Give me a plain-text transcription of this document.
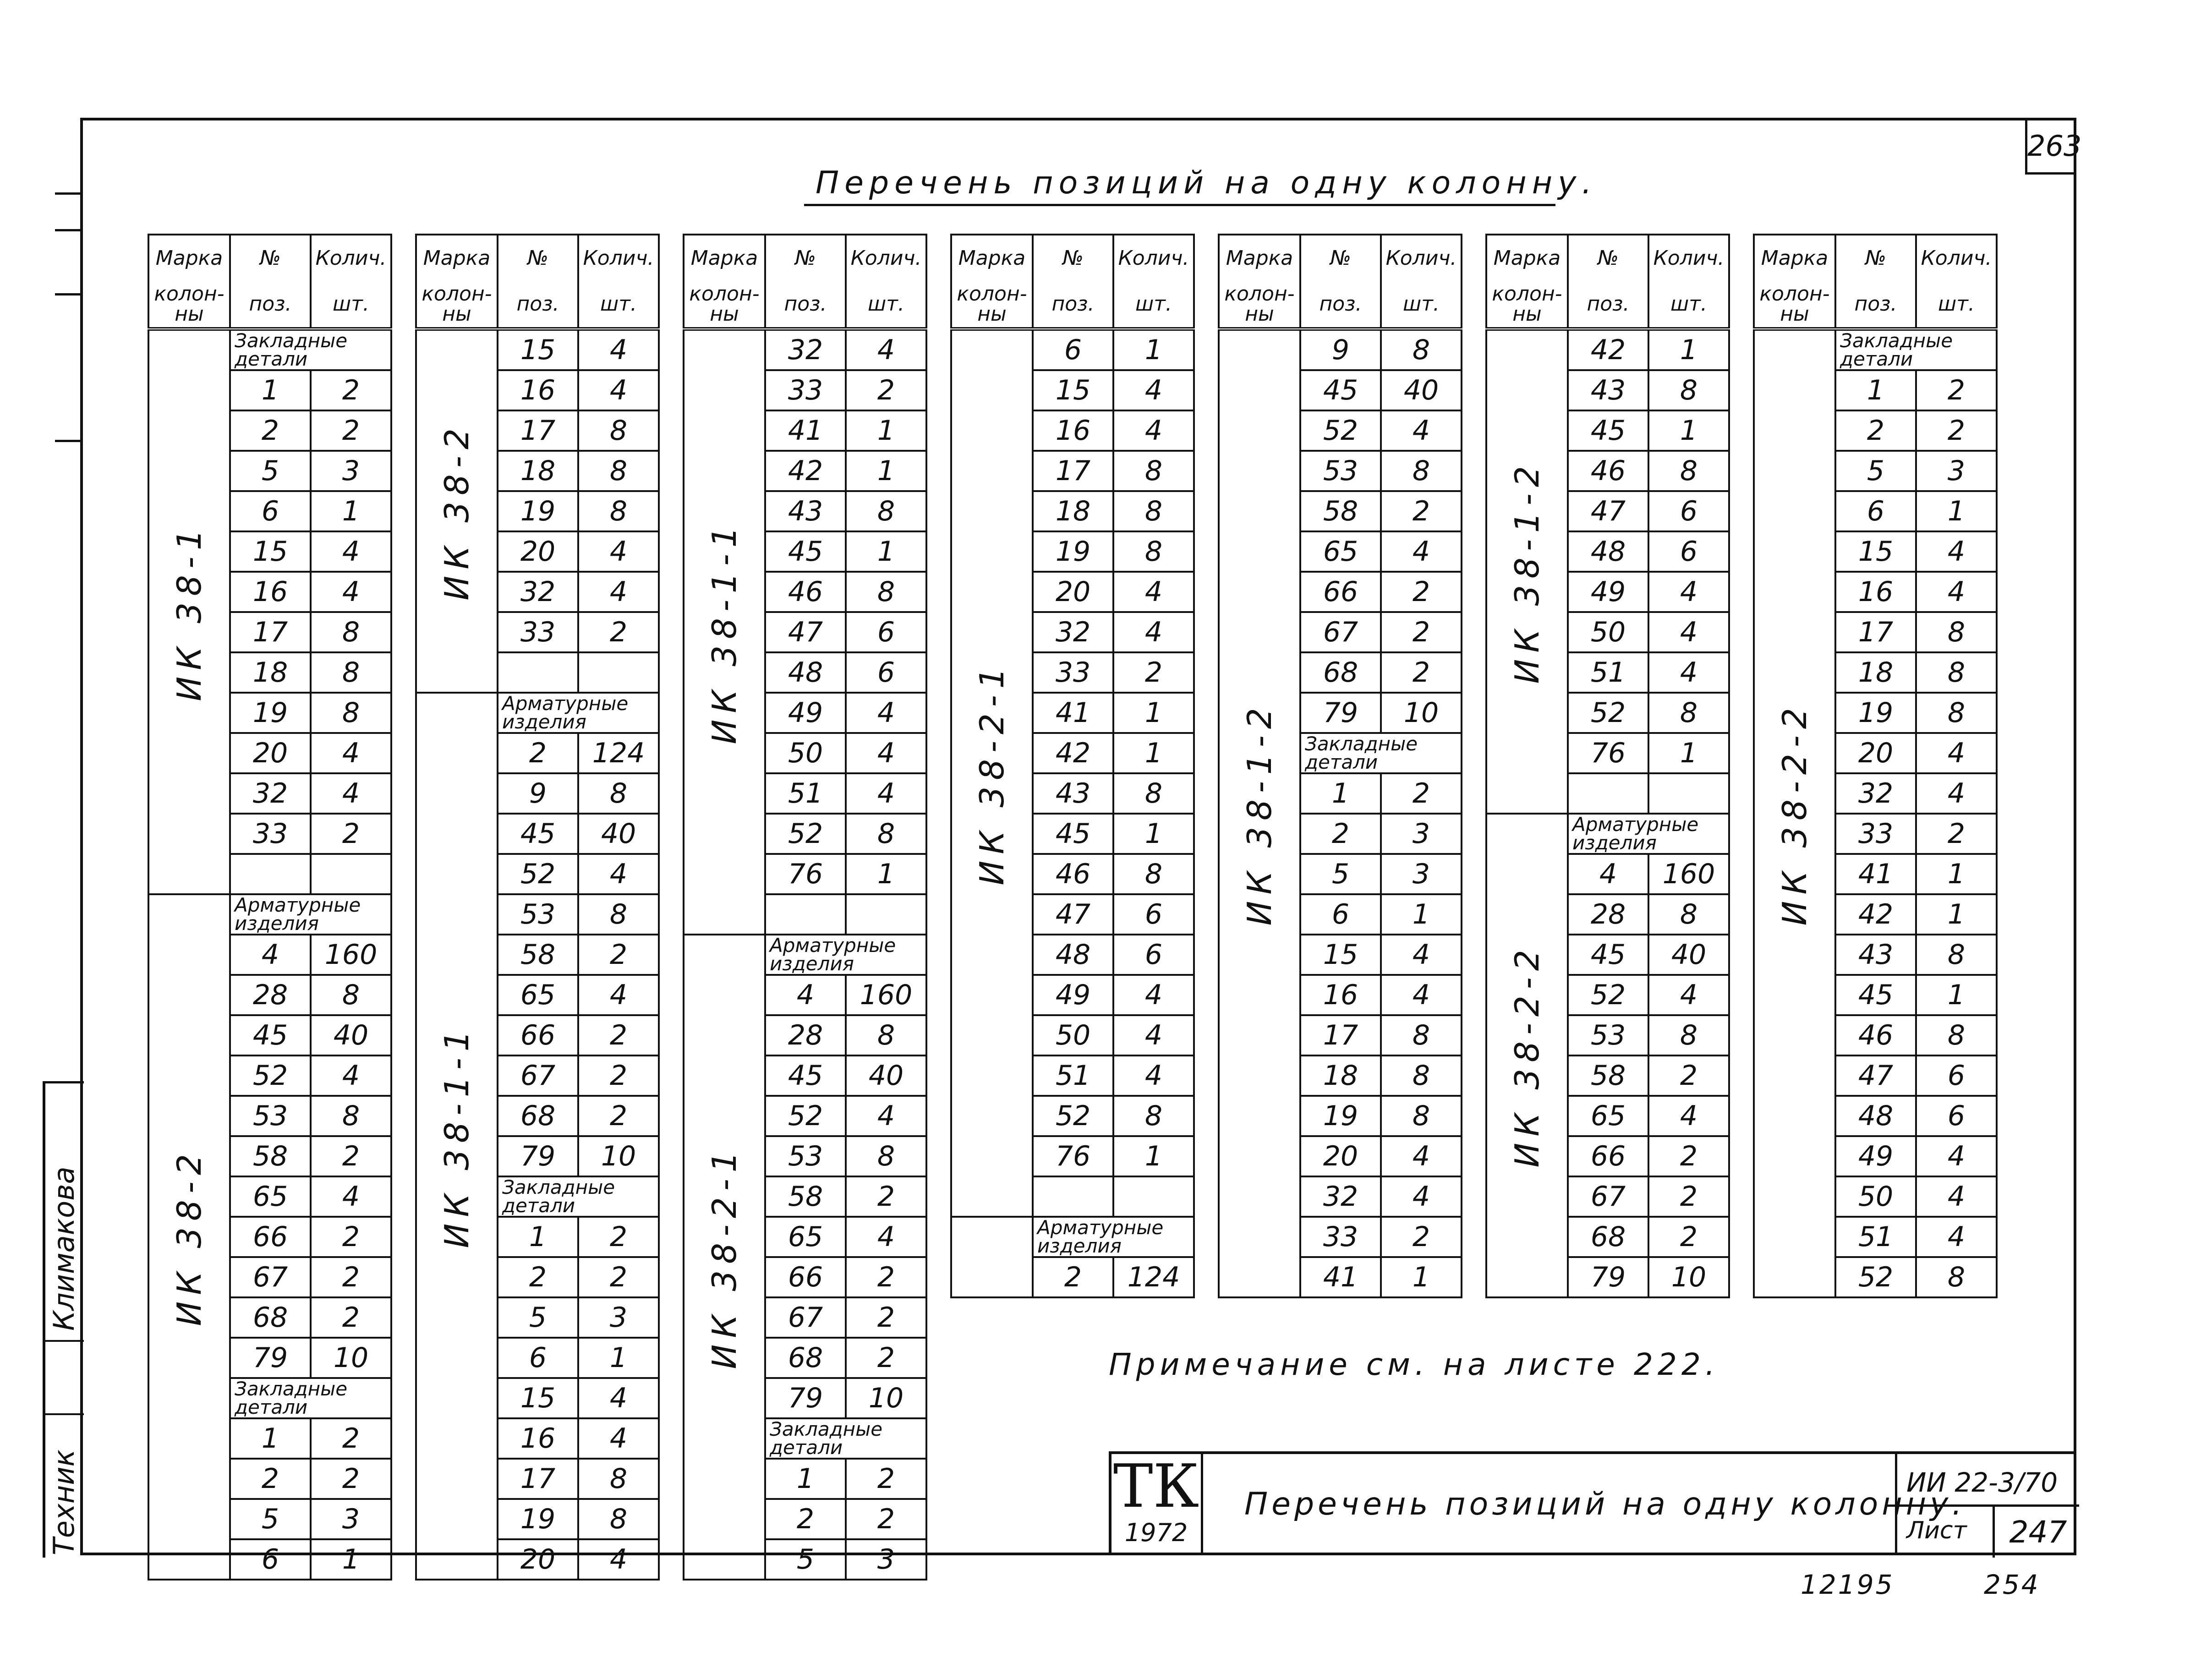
Техник
Климакова
263
Перечень позиций на одну колонну.
Марка	№	Колич.
колон-ны	поз.	шт.

ИК 38-1	Закладные детали	
	1	2
	2	2
	5	3
	6	1
	15	4
	16	4
	17	8
	18	8
	19	8
	20	4
	32	4
	33	2

ИК 38-2	Арматурные изделия	
	4	160
	28	8
	45	40
	52	4
	53	8
	58	2
	65	4
	66	2
	67	2
	68	2
	79	10
	Закладные детали	
	1	2
	2	2
	5	3
	6	1
Марка	№	Колич.
колон-ны	поз.	шт.

ИК 38-2	15	4
	16	4
	17	8
	18	8
	19	8
	20	4
	32	4
	33	2

ИК 38-1-1	Арматурные изделия	
	2	124
	9	8
	45	40
	52	4
	53	8
	58	2
	65	4
	66	2
	67	2
	68	2
	79	10
	Закладные детали	
	1	2
	2	2
	5	3
	6	1
	15	4
	16	4
	17	8
	19	8
	20	4
Марка	№	Колич.
колон-ны	поз.	шт.

ИК 38-1-1	32	4
	33	2
	41	1
	42	1
	43	8
	45	1
	46	8
	47	6
	48	6
	49	4
	50	4
	51	4
	52	8
	76	1

ИК 38-2-1	Арматурные изделия	
	4	160
	28	8
	45	40
	52	4
	53	8
	58	2
	65	4
	66	2
	67	2
	68	2
	79	10
	Закладные детали	
	1	2
	2	2
	5	3
Марка	№	Колич.
колон-ны	поз.	шт.

ИК 38-2-1	6	1
	15	4
	16	4
	17	8
	18	8
	19	8
	20	4
	32	4
	33	2
	41	1
	42	1
	43	8
	45	1
	46	8
	47	6
	48	6
	49	4
	50	4
	51	4
	52	8
	76	1

	Арматурные изделия	
	2	124
Марка	№	Колич.
колон-ны	поз.	шт.

ИК 38-1-2	9	8
	45	40
	52	4
	53	8
	58	2
	65	4
	66	2
	67	2
	68	2
	79	10
	Закладные детали	
	1	2
	2	3
	5	3
	6	1
	15	4
	16	4
	17	8
	18	8
	19	8
	20	4
	32	4
	33	2
	41	1
Марка	№	Колич.
колон-ны	поз.	шт.

ИК 38-1-2	42	1
	43	8
	45	1
	46	8
	47	6
	48	6
	49	4
	50	4
	51	4
	52	8
	76	1

ИК 38-2-2	Арматурные изделия	
	4	160
	28	8
	45	40
	52	4
	53	8
	58	2
	65	4
	66	2
	67	2
	68	2
	79	10
Марка	№	Колич.
колон-ны	поз.	шт.

ИК 38-2-2	Закладные детали	
	1	2
	2	2
	5	3
	6	1
	15	4
	16	4
	17	8
	18	8
	19	8
	20	4
	32	4
	33	2
	41	1
	42	1
	43	8
	45	1
	46	8
	47	6
	48	6
	49	4
	50	4
	51	4
	52	8
Примечание см. на листе 222.
ТК
1972
Перечень позиций на одну колонну.
ИИ 22-3/70
Лист	247
12195	254
